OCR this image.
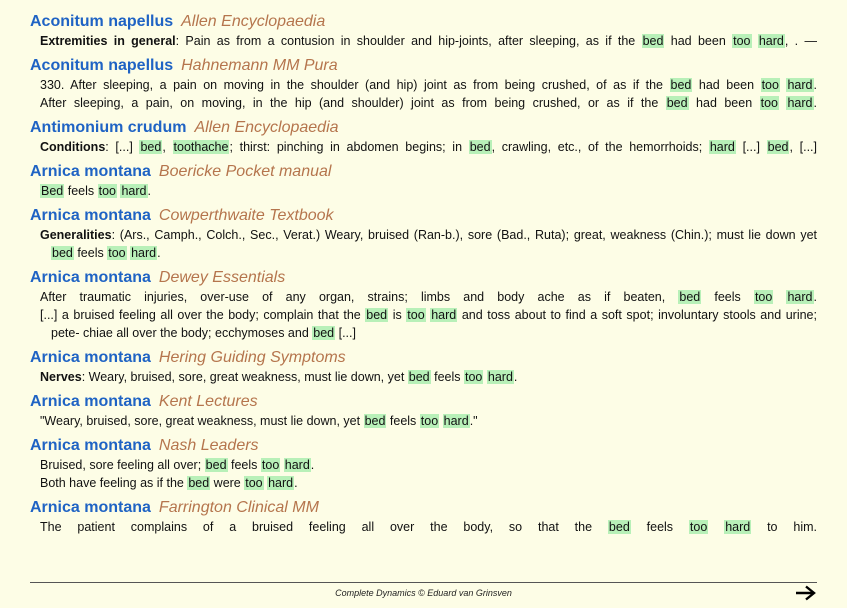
Aconitum napellus Allen Encyclopaedia
Extremities in general: Pain as from a contusion in shoulder and hip-joints, after sleeping, as if the bed had been too hard, . —
Aconitum napellus Hahnemann MM Pura
330. After sleeping, a pain on moving in the shoulder (and hip) joint as from being crushed, of as if the bed had been too hard.
After sleeping, a pain, on moving, in the hip (and shoulder) joint as from being crushed, or as if the bed had been too hard.
Antimonium crudum Allen Encyclopaedia
Conditions: [...] bed, toothache; thirst: pinching in abdomen begins; in bed, crawling, etc., of the hemorrhoids; hard [...] bed, [...]
Arnica montana Boericke Pocket manual
Bed feels too hard.
Arnica montana Cowperthwaite Textbook
Generalities: (Ars., Camph., Colch., Sec., Verat.) Weary, bruised (Ran-b.), sore (Bad., Ruta); great, weakness (Chin.); must lie down yet bed feels too hard.
Arnica montana Dewey Essentials
After traumatic injuries, over-use of any organ, strains; limbs and body ache as if beaten, bed feels too hard.
[...] a bruised feeling all over the body; complain that the bed is too hard and toss about to find a soft spot; involuntary stools and urine; pete- chiae all over the body; ecchymoses and bed [...]
Arnica montana Hering Guiding Symptoms
Nerves: Weary, bruised, sore, great weakness, must lie down, yet bed feels too hard.
Arnica montana Kent Lectures
"Weary, bruised, sore, great weakness, must lie down, yet bed feels too hard."
Arnica montana Nash Leaders
Bruised, sore feeling all over; bed feels too hard.
Both have feeling as if the bed were too hard.
Arnica montana Farrington Clinical MM
The patient complains of a bruised feeling all over the body, so that the bed feels too hard to him.
Complete Dynamics © Eduard van Grinsven
